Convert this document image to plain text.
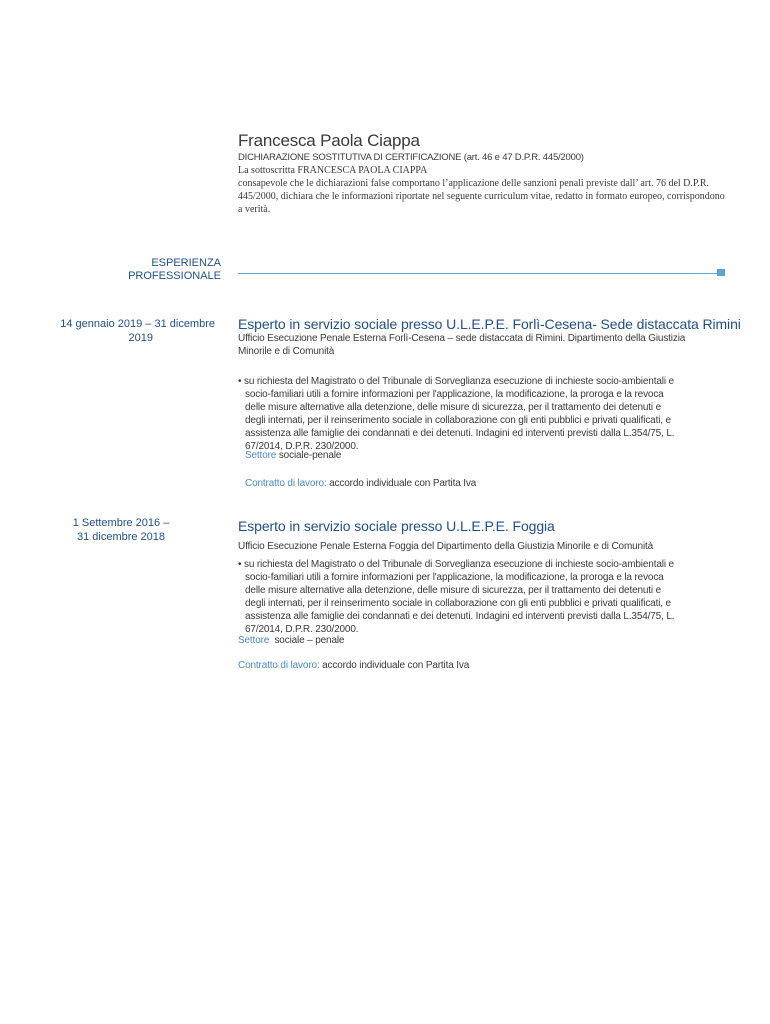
Francesca Paola Ciappa
DICHIARAZIONE SOSTITUTIVA DI CERTIFICAZIONE (art. 46 e 47 D.P.R. 445/2000)
La sottoscritta FRANCESCA PAOLA CIAPPA
consapevole che le dichiarazioni false comportano l’applicazione delle sanzioni penali previste dall’ art. 76 del D.P.R. 445/2000, dichiara che le informazioni riportate nel seguente curriculum vitae, redatto in formato europeo, corrispondono a verità.
ESPERIENZA
PROFESSIONALE
14 gennaio 2019 – 31 dicembre
2019
Esperto in servizio sociale presso U.L.E.P.E. Forlì-Cesena- Sede distaccata Rimini
Ufficio Esecuzione Penale Esterna Forlì-Cesena – sede distaccata di Rimini. Dipartimento della Giustizia Minorile e di Comunità
• su richiesta del Magistrato o del Tribunale di Sorveglianza esecuzione di inchieste socio-ambientali e
socio-familiari utili a fornire informazioni per l'applicazione, la modificazione, la proroga e la revoca
delle misure alternative alla detenzione, delle misure di sicurezza, per il trattamento dei detenuti e
degli internati, per il reinserimento sociale in collaborazione con gli enti pubblici e privati qualificati, e
assistenza alle famiglie dei condannati e dei detenuti. Indagini ed interventi previsti dalla L.354/75, L.
67/2014, D.P.R. 230/2000.
Settore sociale-penale
Contratto di lavoro: accordo individuale con Partita Iva
1 Settembre 2016 –
31 dicembre 2018
Esperto in servizio sociale presso U.L.E.P.E. Foggia
Ufficio Esecuzione Penale Esterna Foggia del Dipartimento della Giustizia Minorile e di Comunità
• su richiesta del Magistrato o del Tribunale di Sorveglianza esecuzione di inchieste socio-ambientali e
socio-familiari utili a fornire informazioni per l'applicazione, la modificazione, la proroga e la revoca
delle misure alternative alla detenzione, delle misure di sicurezza, per il trattamento dei detenuti e
degli internati, per il reinserimento sociale in collaborazione con gli enti pubblici e privati qualificati, e
assistenza alle famiglie dei condannati e dei detenuti. Indagini ed interventi previsti dalla L.354/75, L.
67/2014, D.P.R. 230/2000.
Settore  sociale – penale
Contratto di lavoro: accordo individuale con Partita Iva
